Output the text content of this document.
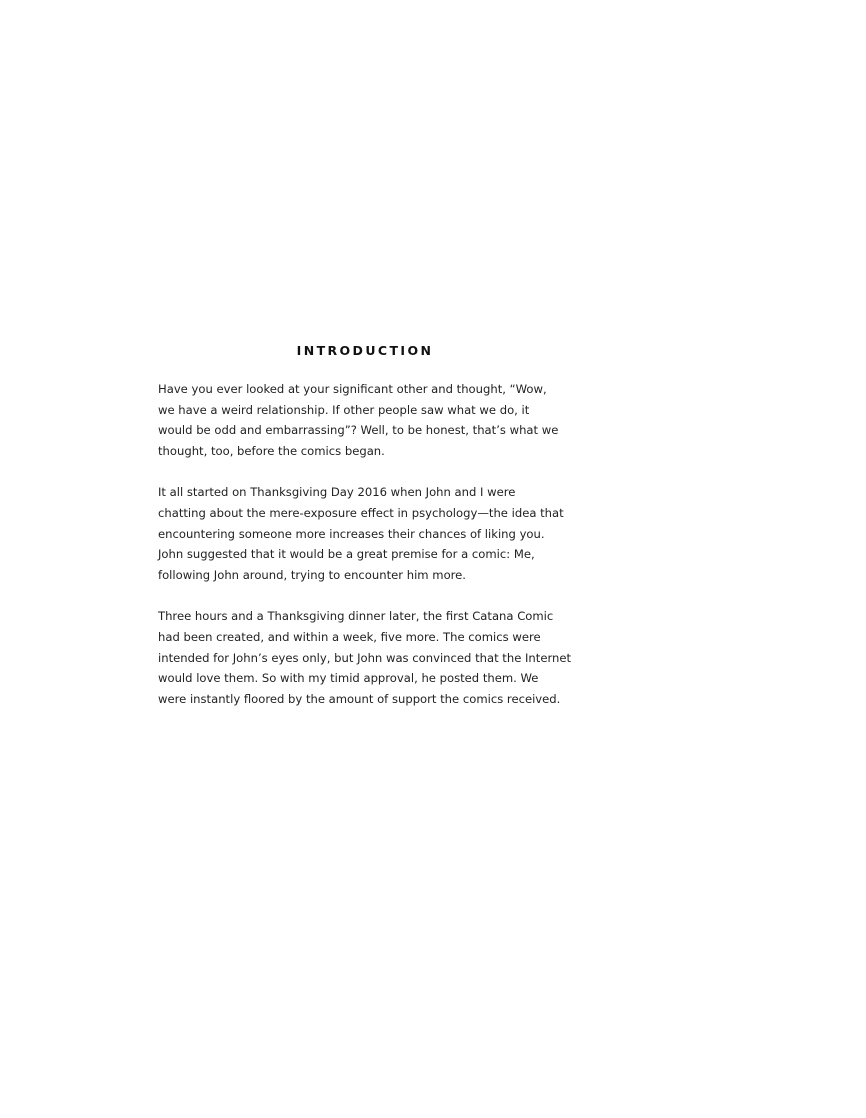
INTRODUCTION

Have you ever looked at your significant other and thought, “Wow,
we have a weird relationship. If other people saw what we do, it
would be odd and embarrassing”? Well, to be honest, that’s what we
thought, too, before the comics began.

It all started on Thanksgiving Day 2016 when John and I were
chatting about the mere-exposure effect in psychology—the idea that
encountering someone more increases their chances of liking you.
John suggested that it would be a great premise for a comic: Me,
following John around, trying to encounter him more.

Three hours and a Thanksgiving dinner later, the first Catana Comic
had been created, and within a week, five more. The comics were
intended for John’s eyes only, but John was convinced that the Internet
would love them. So with my timid approval, he posted them. We
were instantly floored by the amount of support the comics received.
